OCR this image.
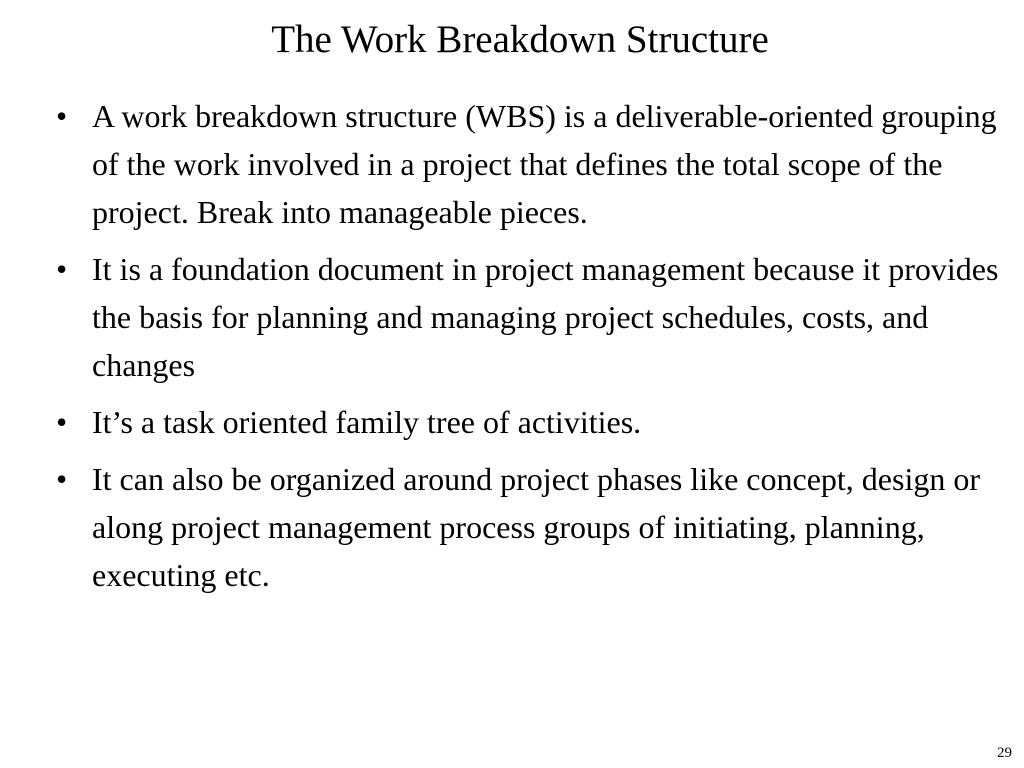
The Work Breakdown Structure
• A work breakdown structure (WBS) is a deliverable-oriented grouping of the work involved in a project that defines the total scope of the project. Break into manageable pieces.
• It is a foundation document in project management because it provides the basis for planning and managing project schedules, costs, and changes
• It’s a task oriented family tree of activities.
• It can also be organized around project phases like concept, design or along project management process groups of initiating, planning, executing etc.
29
